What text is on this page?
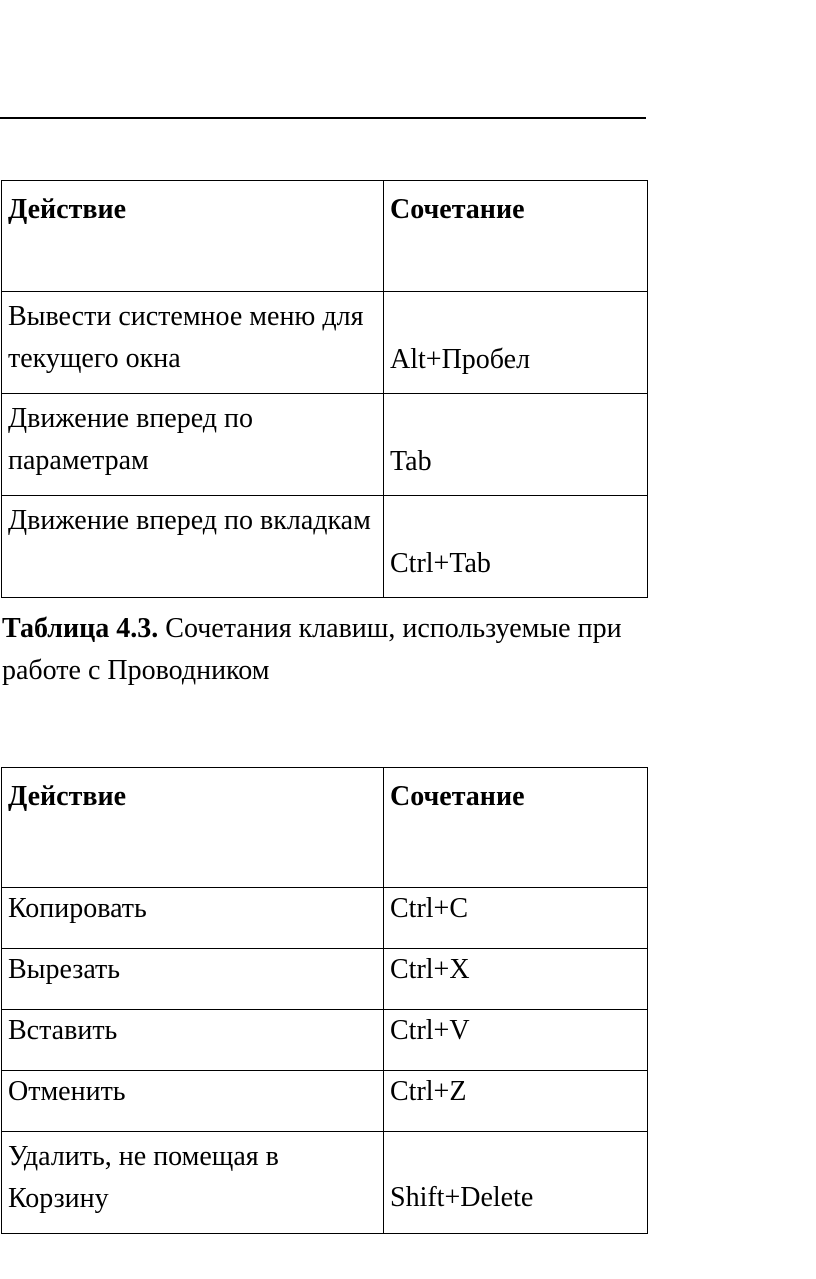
Действие	Сочетание
Вывести системное меню для текущего окна	Alt+Пробел
Движение вперед по параметрам	Tab
Движение вперед по вкладкам	Ctrl+Tab

Таблица 4.3. Сочетания клавиш, используемые при работе с Проводником

Действие	Сочетание
Копировать	Ctrl+C
Вырезать	Ctrl+X
Вставить	Ctrl+V
Отменить	Ctrl+Z
Удалить, не помещая в Корзину	Shift+Delete
